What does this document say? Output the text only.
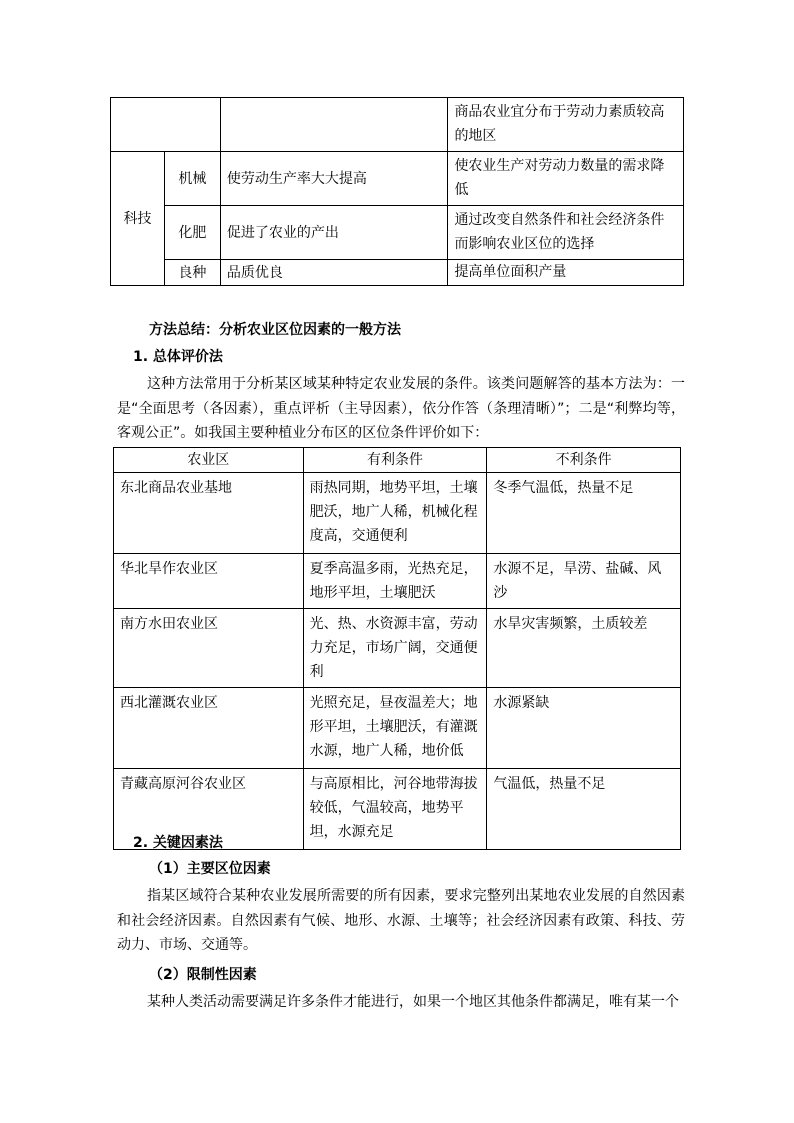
			商品农业宜分布于劳动力素质较高的地区
科技	机械	使劳动生产率大大提高	使农业生产对劳动力数量的需求降低
	化肥	促进了农业的产出	通过改变自然条件和社会经济条件而影响农业区位的选择
	良种	品质优良	提高单位面积产量
方法总结：分析农业区位因素的一般方法
1. 总体评价法
这种方法常用于分析某区域某种特定农业发展的条件。该类问题解答的基本方法为：一是“全面思考（各因素），重点评析（主导因素），依分作答（条理清晰）”；二是“利弊均等，客观公正”。如我国主要种植业分布区的区位条件评价如下：
农业区	有利条件	不利条件
东北商品农业基地	雨热同期，地势平坦，土壤肥沃，地广人稀，机械化程度高，交通便利	冬季气温低，热量不足
华北旱作农业区	夏季高温多雨，光热充足，地形平坦，土壤肥沃	水源不足，旱涝、盐碱、风沙
南方水田农业区	光、热、水资源丰富，劳动力充足，市场广阔，交通便利	水旱灾害频繁，土质较差
西北灌溉农业区	光照充足，昼夜温差大；地形平坦，土壤肥沃，有灌溉水源，地广人稀，地价低	水源紧缺
青藏高原河谷农业区	与高原相比，河谷地带海拔较低，气温较高，地势平坦，水源充足	气温低，热量不足
2. 关键因素法
（1）主要区位因素
指某区域符合某种农业发展所需要的所有因素，要求完整列出某地农业发展的自然因素和社会经济因素。自然因素有气候、地形、水源、土壤等；社会经济因素有政策、科技、劳动力、市场、交通等。
（2）限制性因素
某种人类活动需要满足许多条件才能进行，如果一个地区其他条件都满足，唯有某一个
